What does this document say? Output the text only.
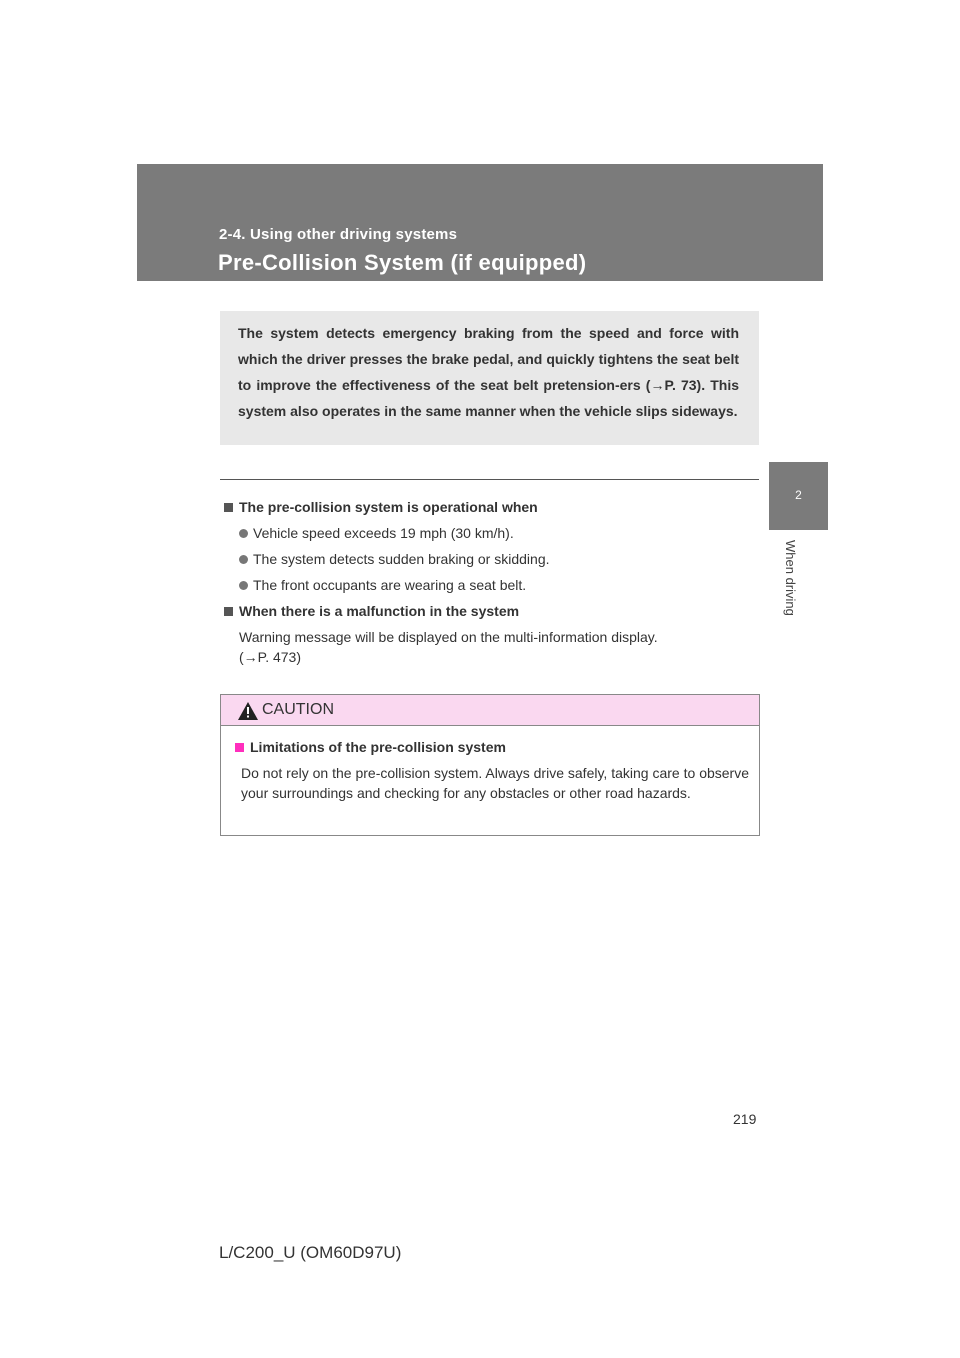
2-4. Using other driving systems
Pre-Collision System (if equipped)
2
When driving
The system detects emergency braking from the speed and force with which the driver presses the brake pedal, and quickly tightens the seat belt to improve the effectiveness of the seat belt pretension-ers (→P. 73). This system also operates in the same manner when the vehicle slips sideways.
The pre-collision system is operational when
Vehicle speed exceeds 19 mph (30 km/h).
The system detects sudden braking or skidding.
The front occupants are wearing a seat belt.
When there is a malfunction in the system
Warning message will be displayed on the multi-information display.
(→P. 473)
CAUTION
Limitations of the pre-collision system
Do not rely on the pre-collision system. Always drive safely, taking care to observe your surroundings and checking for any obstacles or other road hazards.
219
L/C200_U (OM60D97U)
